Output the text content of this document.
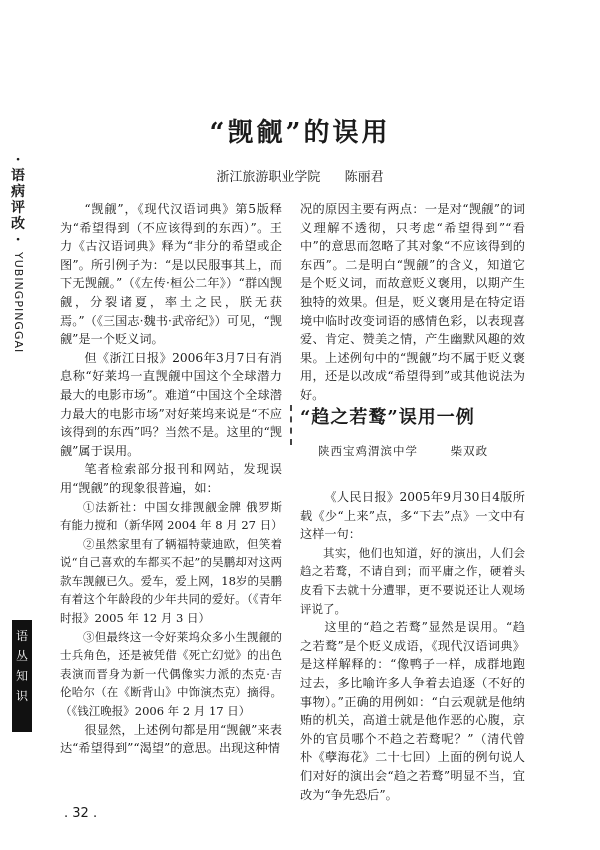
·
语
病
评
改
·
YUBINGPINGGAI
语丛知识
“觊觎”的误用
浙江旅游职业学院 陈丽君

“觊觎”，《现代汉语词典》第5版释为“希望得到（不应该得到的东西）”。王力《古汉语词典》释为“非分的希望或企图”。所引例子为：“是以民服事其上，而下无觊觎。”（《左传·桓公二年》）“群凶觊觎，分裂诸夏，率土之民，朕无获焉。”（《三国志·魏书·武帝纪》）可见，“觊觎”是一个贬义词。

但《浙江日报》2006年3月7日有消息称“好莱坞一直觊觎中国这个全球潜力最大的电影市场”。难道“中国这个全球潜力最大的电影市场”对好莱坞来说是“不应该得到的东西”吗？当然不是。这里的“觊觎”属于误用。

笔者检索部分报刊和网站，发现误用“觊觎”的现象很普遍，如：

①法新社：中国女排觊觎金牌 俄罗斯有能力搅和（新华网 2004 年 8 月 27 日）

②虽然家里有了辆福特蒙迪欧，但笑着说“自己喜欢的车都买不起”的吴鹏却对这两款车觊觎已久。爱车，爱上网，18岁的吴鹏有着这个年龄段的少年共同的爱好。（《青年时报》2005 年 12 月 3 日）

③但最终这一令好莱坞众多小生觊觎的士兵角色，还是被凭借《死亡幻觉》的出色表演而晋身为新一代偶像实力派的杰克·吉伦哈尔（在《断背山》中饰演杰克）摘得。（《钱江晚报》2006 年 2 月 17 日）

很显然，上述例句都是用“觊觎”来表达“希望得到”“渴望”的意思。出现这种情

况的原因主要有两点：一是对“觊觎”的词义理解不透彻，只考虑“希望得到”“看中”的意思而忽略了其对象“不应该得到的东西”。二是明白“觊觎”的含义，知道它是个贬义词，而故意贬义褒用，以期产生独特的效果。但是，贬义褒用是在特定语境中临时改变词语的感情色彩，以表现喜爱、肯定、赞美之情，产生幽默风趣的效果。上述例句中的“觊觎”均不属于贬义褒用，还是以改成“希望得到”或其他说法为好。

“趋之若鹜”误用一例
陕西宝鸡渭滨中学	柴双政

《人民日报》2005年9月30日4版所载《少“上来”点，多“下去”点》一文中有这样一句：

其实，他们也知道，好的演出，人们会趋之若鹜，不请自到；而平庸之作，硬着头皮看下去就十分遭罪，更不要说还让人观场评说了。

这里的“趋之若鹜”显然是误用。“趋之若鹜”是个贬义成语，《现代汉语词典》是这样解释的：“像鸭子一样，成群地跑过去，多比喻许多人争着去追逐（不好的事物）。”正确的用例如：“白云观就是他纳贿的机关，高道士就是他作恶的心腹，京外的官员哪个不趋之若鹜呢？”（清代曾朴《孽海花》二十七回）上面的例句说人们对好的演出会“趋之若鹜”明显不当，宜改为“争先恐后”。

. 32 .
